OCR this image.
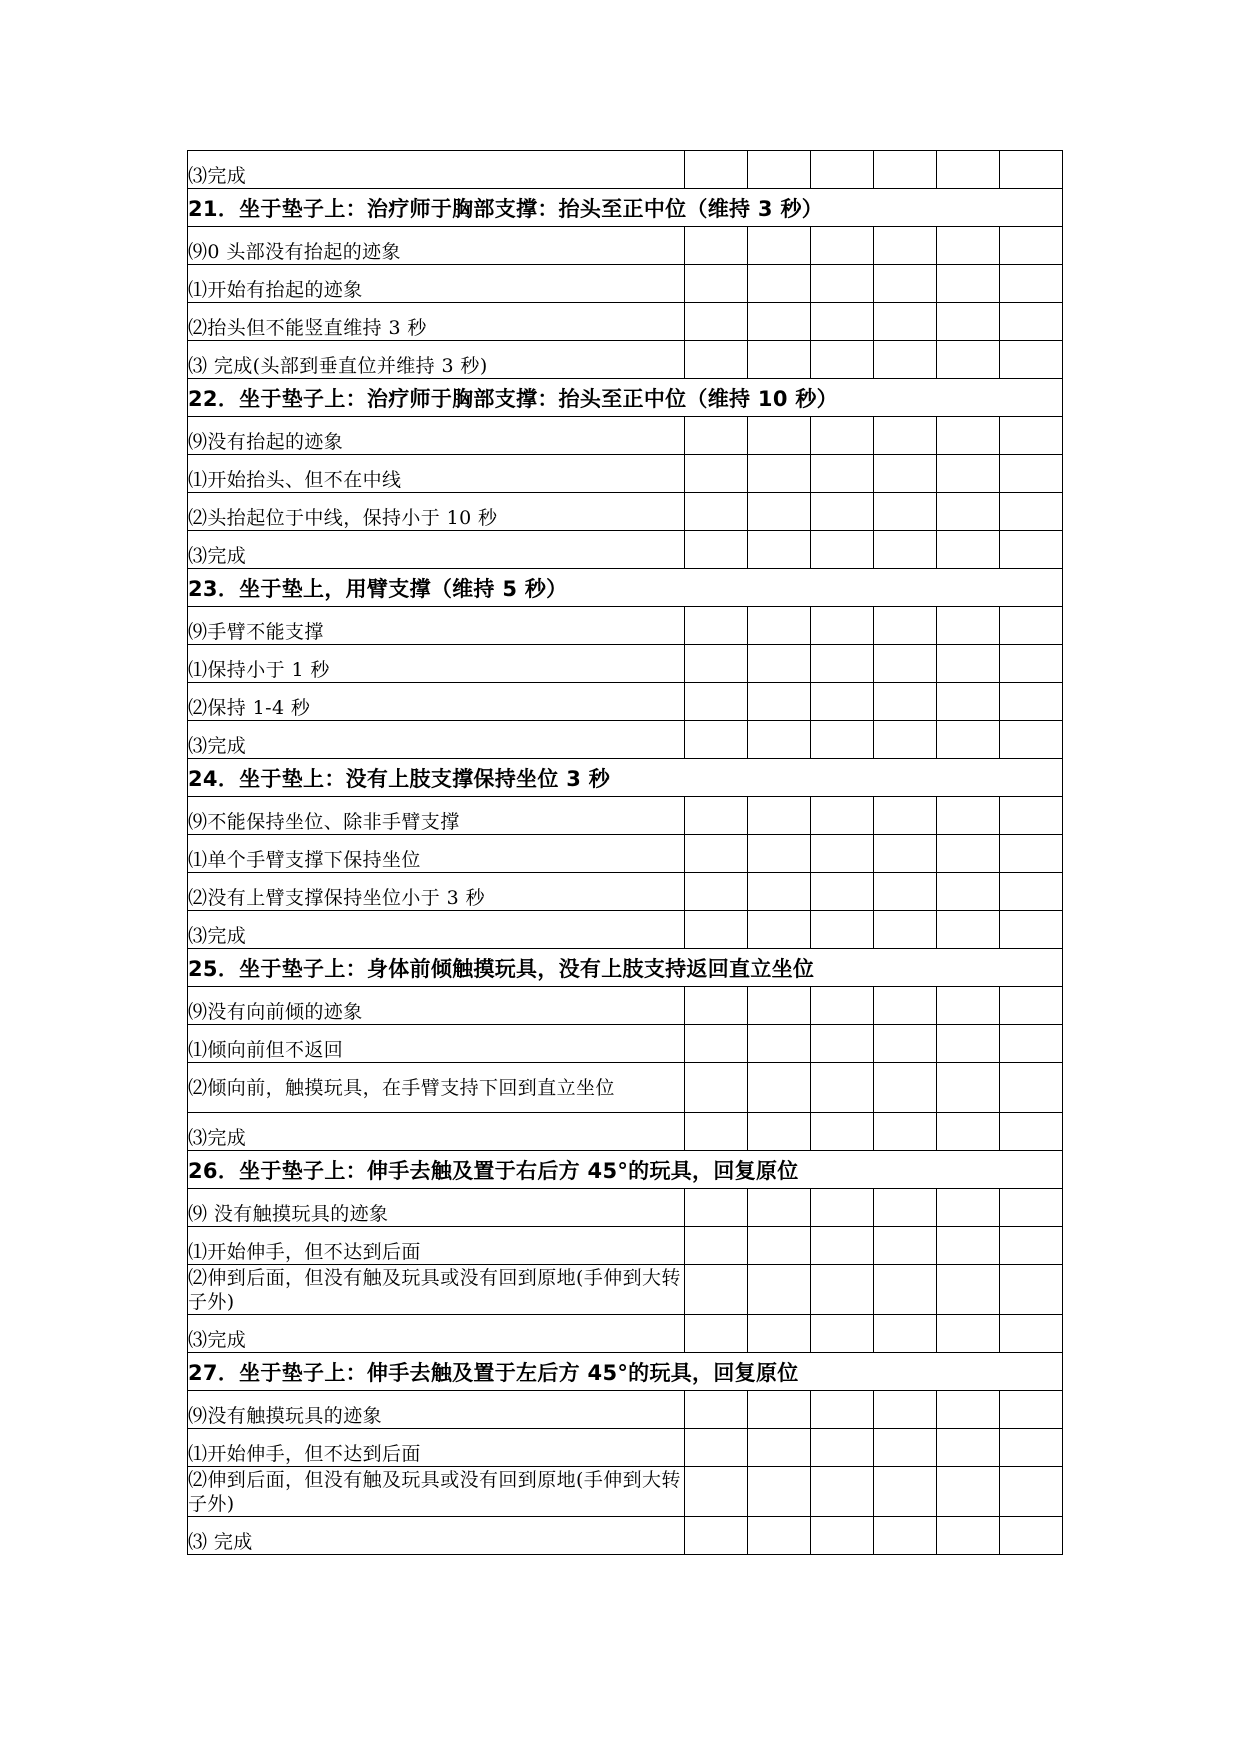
⑶完成						
21．坐于垫子上：治疗师于胸部支撑：抬头至正中位（维持 3 秒）						
⑼0 头部没有抬起的迹象						
⑴开始有抬起的迹象						
⑵抬头但不能竖直维持 3 秒						
⑶ 完成(头部到垂直位并维持 3 秒)						
22．坐于垫子上：治疗师于胸部支撑：抬头至正中位（维持 10 秒）						
⑼没有抬起的迹象						
⑴开始抬头、但不在中线						
⑵头抬起位于中线，保持小于 10 秒						
⑶完成						
23．坐于垫上，用臂支撑（维持 5 秒）						
⑼手臂不能支撑						
⑴保持小于 1 秒						
⑵保持 1-4 秒						
⑶完成						
24．坐于垫上：没有上肢支撑保持坐位 3 秒						
⑼不能保持坐位、除非手臂支撑						
⑴单个手臂支撑下保持坐位						
⑵没有上臂支撑保持坐位小于 3 秒						
⑶完成						
25．坐于垫子上：身体前倾触摸玩具，没有上肢支持返回直立坐位						
⑼没有向前倾的迹象						
⑴倾向前但不返回						
⑵倾向前，触摸玩具，在手臂支持下回到直立坐位						
⑶完成						
26．坐于垫子上：伸手去触及置于右后方 45°的玩具，回复原位						
⑼ 没有触摸玩具的迹象						
⑴开始伸手，但不达到后面						
⑵伸到后面，但没有触及玩具或没有回到原地(手伸到大转子外)						
⑶完成						
27．坐于垫子上：伸手去触及置于左后方 45°的玩具，回复原位						
⑼没有触摸玩具的迹象						
⑴开始伸手，但不达到后面						
⑵伸到后面，但没有触及玩具或没有回到原地(手伸到大转子外)						
⑶ 完成						
